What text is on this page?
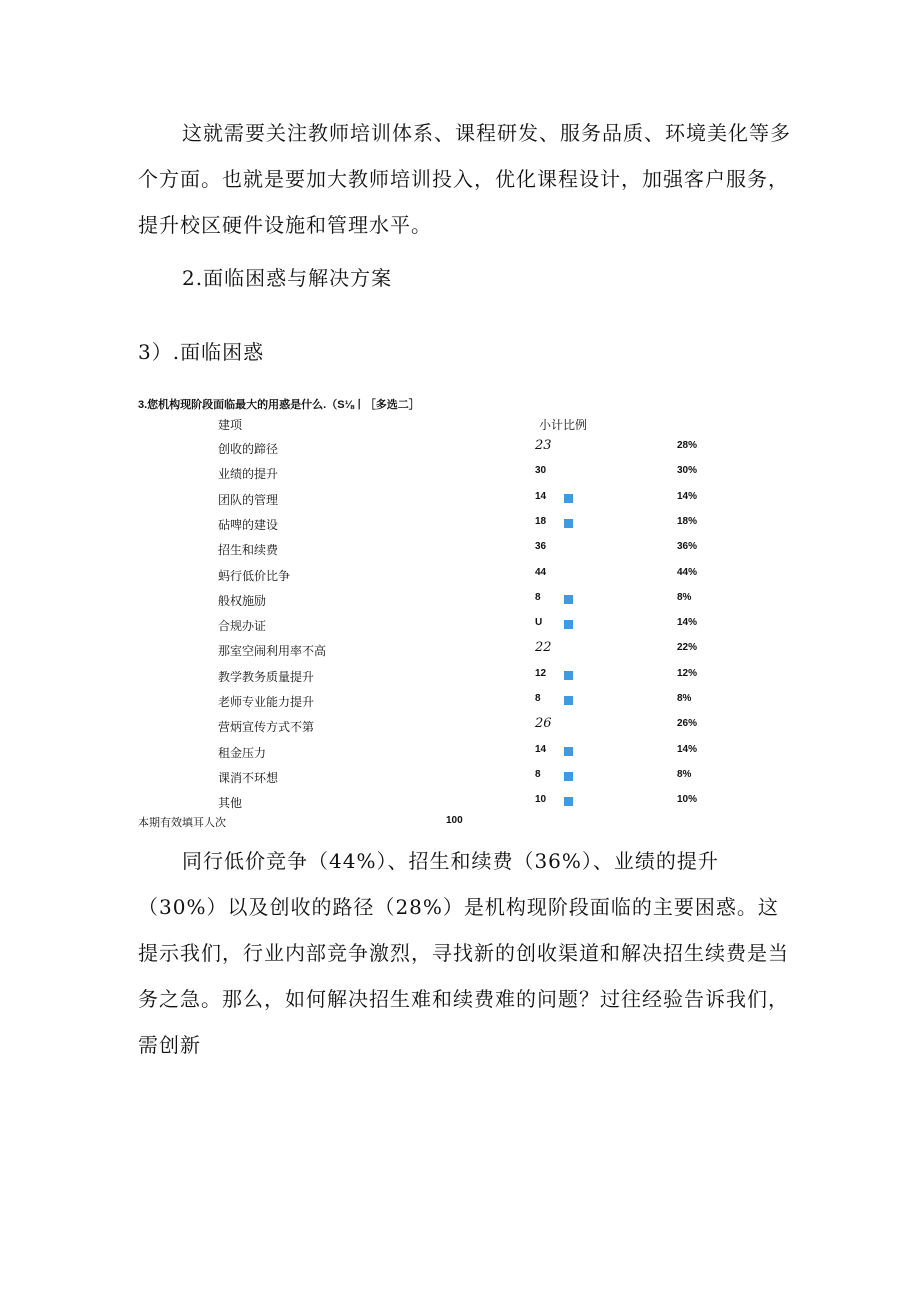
这就需要关注教师培训体系、课程研发、服务品质、环境美化等多个方面。也就是要加大教师培训投入，优化课程设计，加强客户服务，提升校区硬件设施和管理水平。

2.面临困惑与解决方案
3）.面临困惑
3.您机构现阶段面临最大的用惑是什么.（S⅛丨［多选二］
建项	小计比例
创收的蹄径	23	28%
业绩的提升	30	30%
团队的管理	14	14%
砧啤的建设	18	18%
招生和续费	36	36%
蚂行低价比争	44	44%
般权施励	8	8%
合规办证	U	14%
那室空闹利用率不高	22	22%
教学教务质量提升	12	12%
老师专业能力提升	8	8%
营炳宣传方式不第	26	26%
租金压力	14	14%
课消不环想	8	8%
其他	10	10%
本期有效填耳人次	100

同行低价竞争（44%）、招生和续费（36%）、业绩的提升（30%）以及创收的路径（28%）是机构现阶段面临的主要困惑。这提示我们，行业内部竞争激烈，寻找新的创收渠道和解决招生续费是当务之急。那么，如何解决招生难和续费难的问题？过往经验告诉我们，需创新
